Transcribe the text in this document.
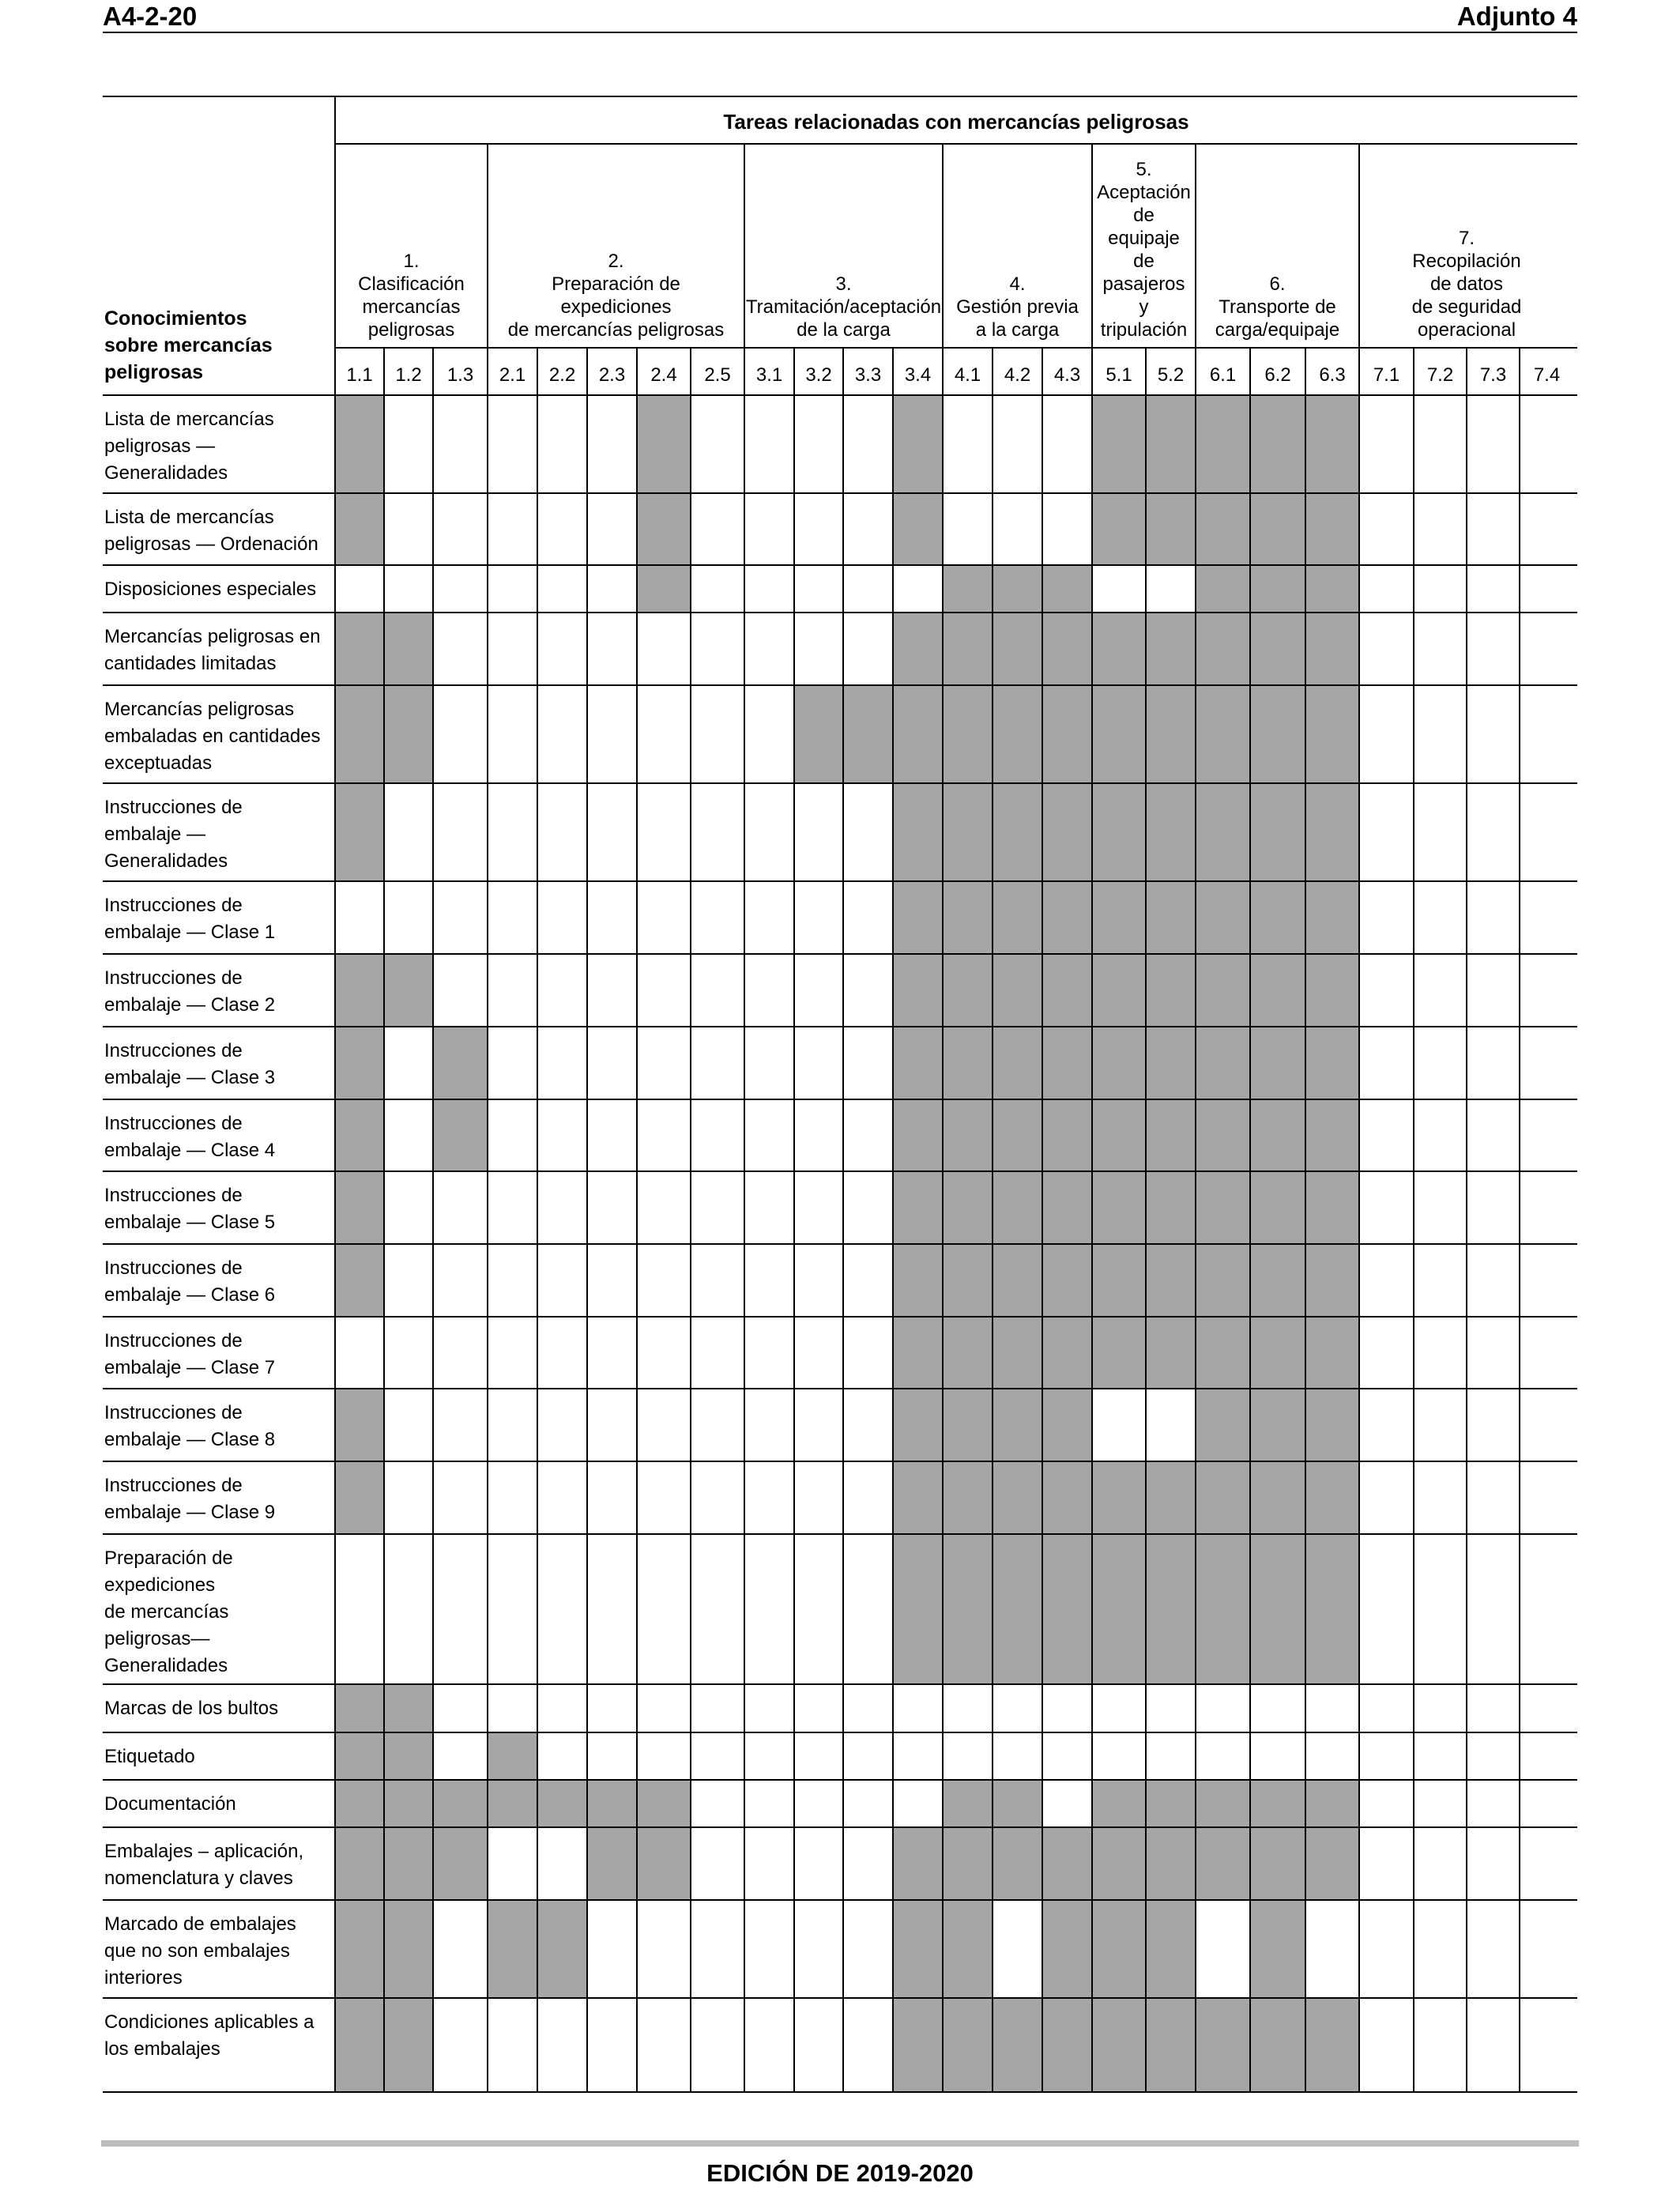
A4-2-20	Adjunto 4
Tareas relacionadas con mercancías peligrosas
1.
Clasificación
mercancías
peligrosas
2.
Preparación de
expediciones
de mercancías peligrosas
3.
Tramitación/aceptación
de la carga
4.
Gestión previa
a la carga
5.
Aceptación
de
equipaje
de
pasajeros
y
tripulación
6.
Transporte de
carga/equipaje
7.
Recopilación
de datos
de seguridad
operacional
1.1 1.2 1.3 2.1 2.2 2.3 2.4 2.5 3.1 3.2 3.3 3.4 4.1 4.2 4.3 5.1 5.2 6.1 6.2 6.3 7.1 7.2 7.3 7.4
Conocimientos
sobre mercancías
peligrosas
Lista de mercancías
peligrosas —
Generalidades
Lista de mercancías
peligrosas — Ordenación
Disposiciones especiales
Mercancías peligrosas en
cantidades limitadas
Mercancías peligrosas
embaladas en cantidades
exceptuadas
Instrucciones de
embalaje —
Generalidades
Instrucciones de
embalaje — Clase 1
Instrucciones de
embalaje — Clase 2
Instrucciones de
embalaje — Clase 3
Instrucciones de
embalaje — Clase 4
Instrucciones de
embalaje — Clase 5
Instrucciones de
embalaje — Clase 6
Instrucciones de
embalaje — Clase 7
Instrucciones de
embalaje — Clase 8
Instrucciones de
embalaje — Clase 9
Preparación de
expediciones
de mercancías
peligrosas—
Generalidades
Marcas de los bultos
Etiquetado
Documentación
Embalajes – aplicación,
nomenclatura y claves
Marcado de embalajes
que no son embalajes
interiores
Condiciones aplicables a
los embalajes
EDICIÓN DE 2019-2020
